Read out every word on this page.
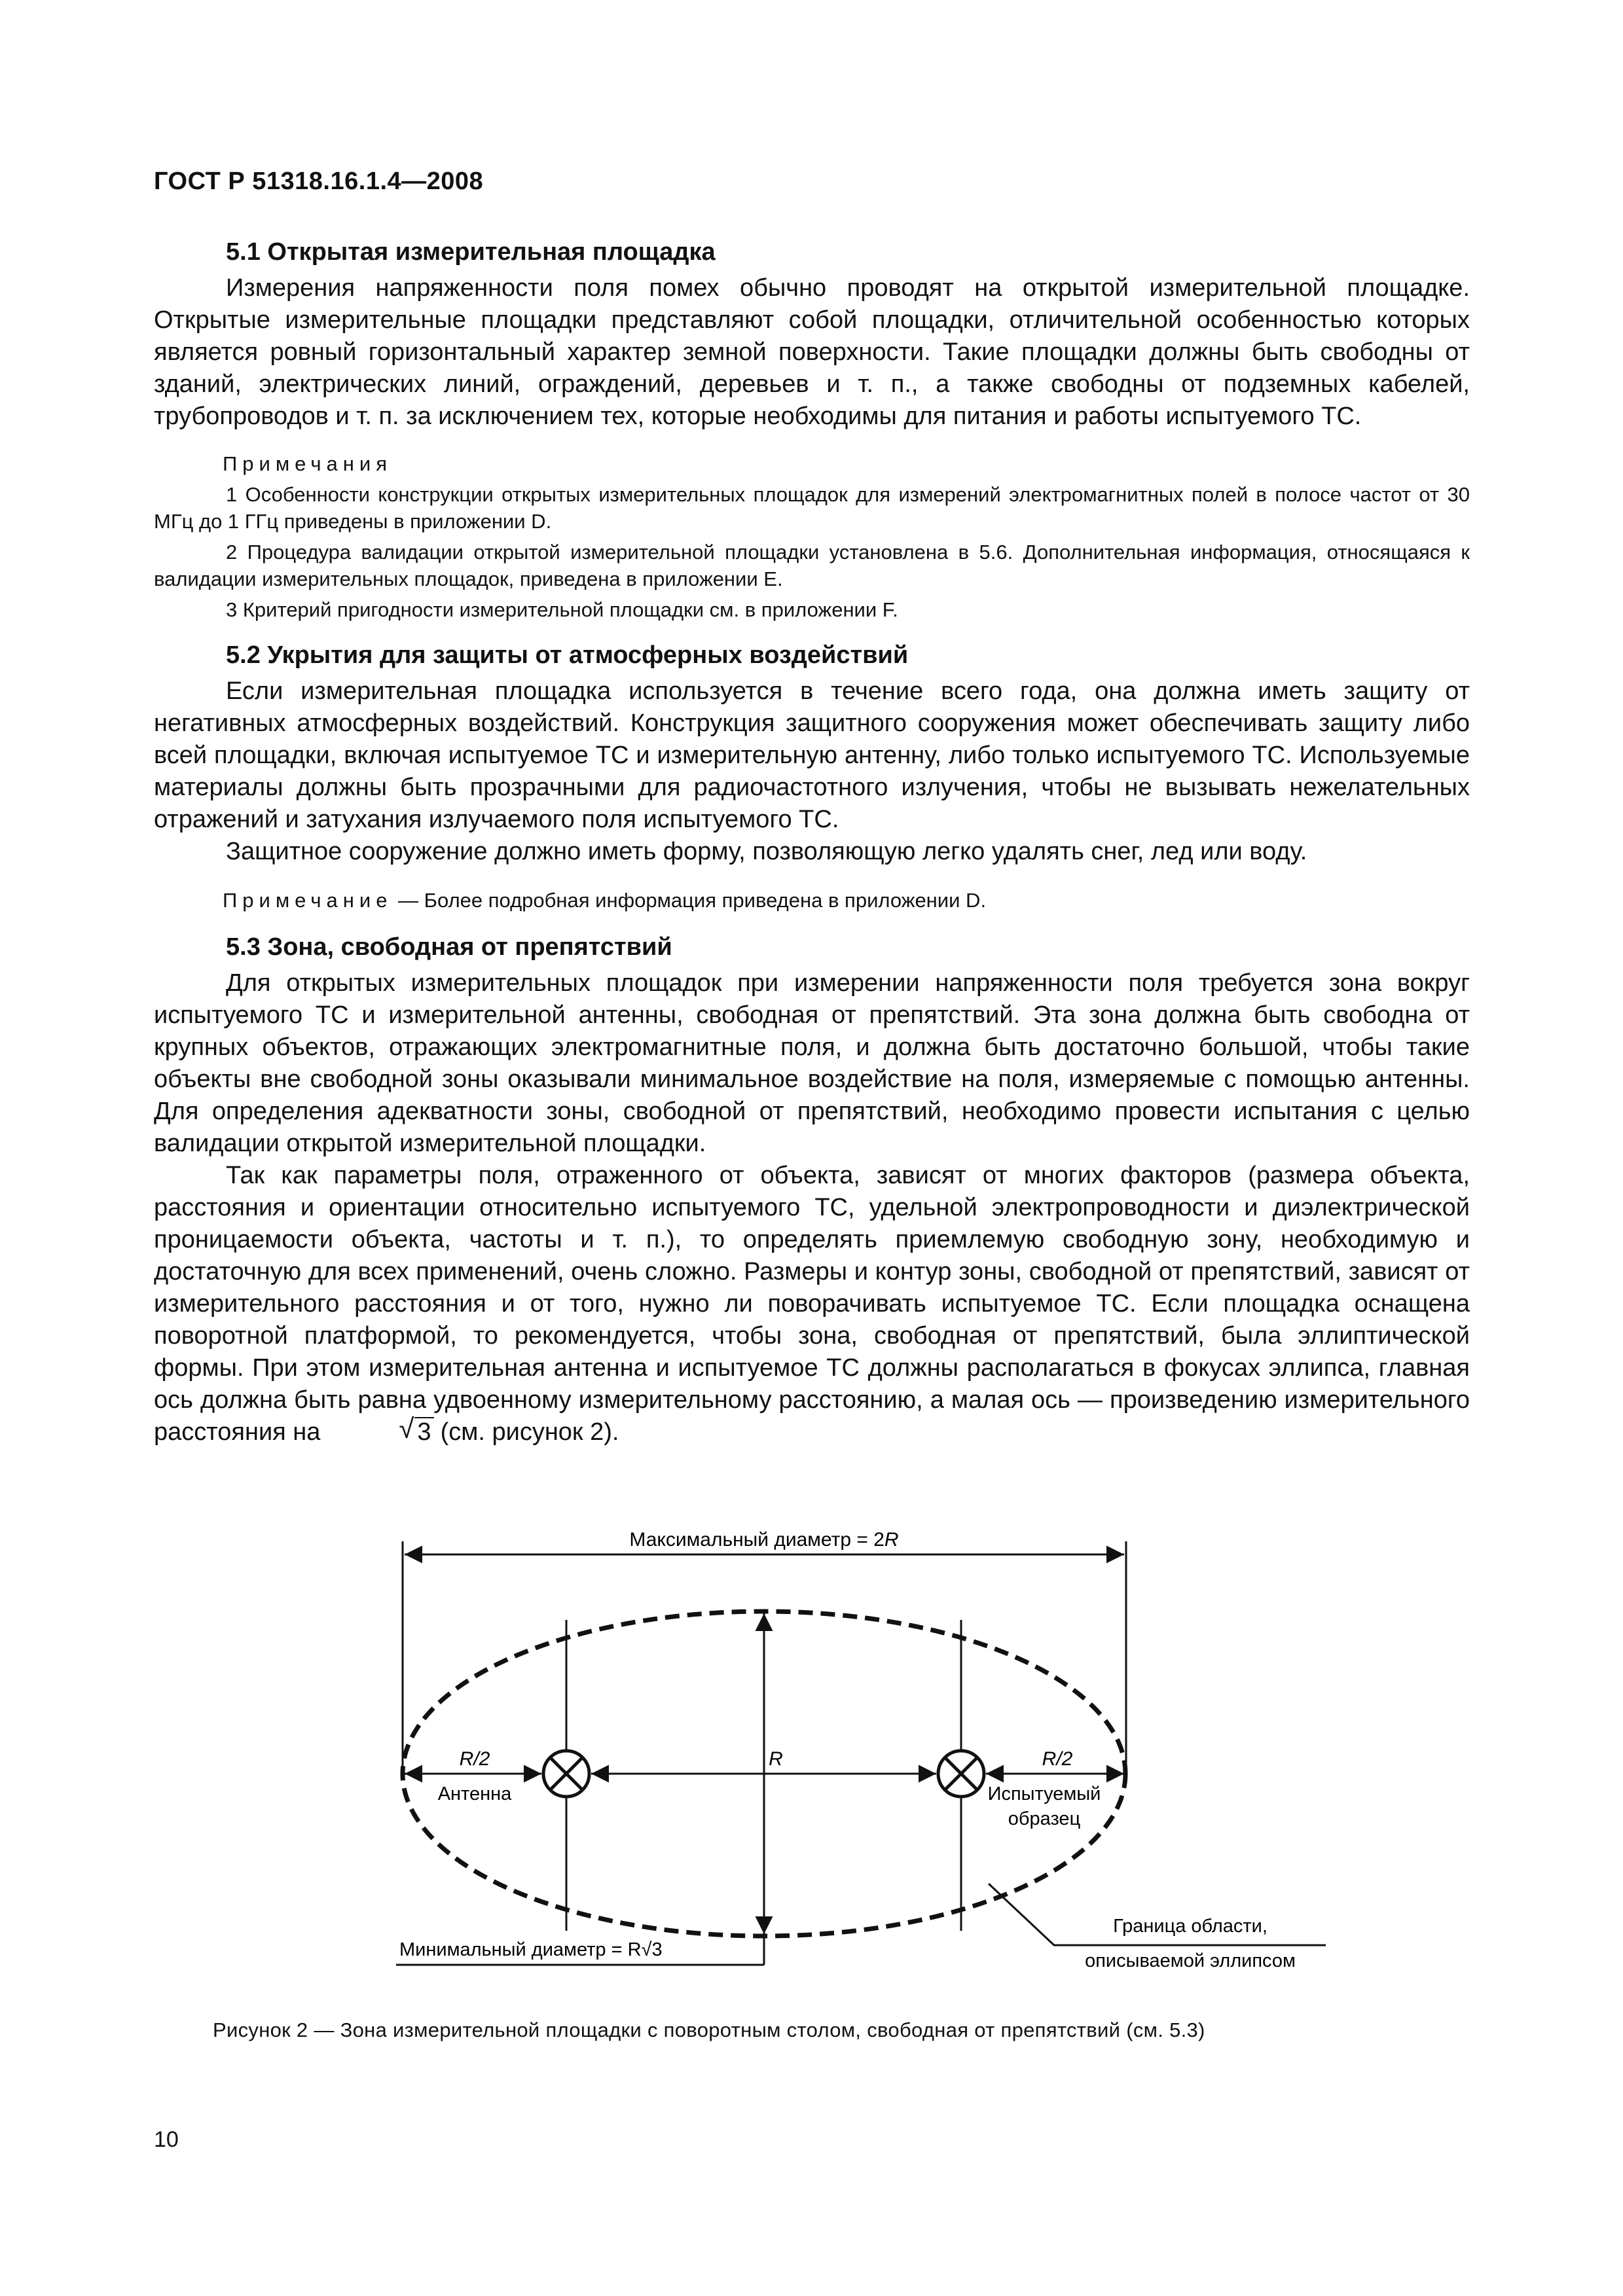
ГОСТ Р 51318.16.1.4—2008
5.1 Открытая измерительная площадка

Измерения напряженности поля помех обычно проводят на открытой измерительной площадке. Открытые измерительные площадки представляют собой площадки, отличительной особенностью которых является ровный горизонтальный характер земной поверхности. Такие площадки должны быть свободны от зданий, электрических линий, ограждений, деревьев и т. п., а также свободны от подземных кабелей, трубопроводов и т. п. за исключением тех, которые необходимы для питания и работы испытуемого ТС.

Примечания

1 Особенности конструкции открытых измерительных площадок для измерений электромагнитных полей в полосе частот от 30 МГц до 1 ГГц приведены в приложении D.

2 Процедура валидации открытой измерительной площадки установлена в 5.6. Дополнительная информация, относящаяся к валидации измерительных площадок, приведена в приложении Е.

3 Критерий пригодности измерительной площадки см. в приложении F.

5.2 Укрытия для защиты от атмосферных воздействий

Если измерительная площадка используется в течение всего года, она должна иметь защиту от негативных атмосферных воздействий. Конструкция защитного сооружения может обеспечивать защиту либо всей площадки, включая испытуемое ТС и измерительную антенну, либо только испытуемого ТС. Используемые материалы должны быть прозрачными для радиочастотного излучения, чтобы не вызывать нежелательных отражений и затухания излучаемого поля испытуемого ТС.

Защитное сооружение должно иметь форму, позволяющую легко удалять снег, лед или воду.

Примечание — Более подробная информация приведена в приложении D.
5.3 Зона, свободная от препятствий

Для открытых измерительных площадок при измерении напряженности поля требуется зона вокруг испытуемого ТС и измерительной антенны, свободная от препятствий. Эта зона должна быть свободна от крупных объектов, отражающих электромагнитные поля, и должна быть достаточно большой, чтобы такие объекты вне свободной зоны оказывали минимальное воздействие на поля, измеряемые с помощью антенны. Для определения адекватности зоны, свободной от препятствий, необходимо провести испытания с целью валидации открытой измерительной площадки.

Так как параметры поля, отраженного от объекта, зависят от многих факторов (размера объекта, расстояния и ориентации относительно испытуемого ТС, удельной электропроводности и диэлектрической проницаемости объекта, частоты и т. п.), то определять приемлемую свободную зону, необходимую и достаточную для всех применений, очень сложно. Размеры и контур зоны, свободной от препятствий, зависят от измерительного расстояния и от того, нужно ли поворачивать испытуемое ТС. Если площадка оснащена поворотной платформой, то рекомендуется, чтобы зона, свободная от препятствий, была эллиптической формы. При этом измерительная антенна и испытуемое ТС должны располагаться в фокусах эллипса, главная ось должна быть равна удвоенному измерительному расстоянию, а малая ось — произведению измерительного расстояния на	√ 3 (см. рисунок 2).

Максимальный диаметр = 2R
R/2	R	R/2
Антенна	Испытуемый
образец
Минимальный диаметр = R√3
Граница области,
описываемой эллипсом
Рисунок 2 — Зона измерительной площадки с поворотным столом, свободная от препятствий (см. 5.3)
10
